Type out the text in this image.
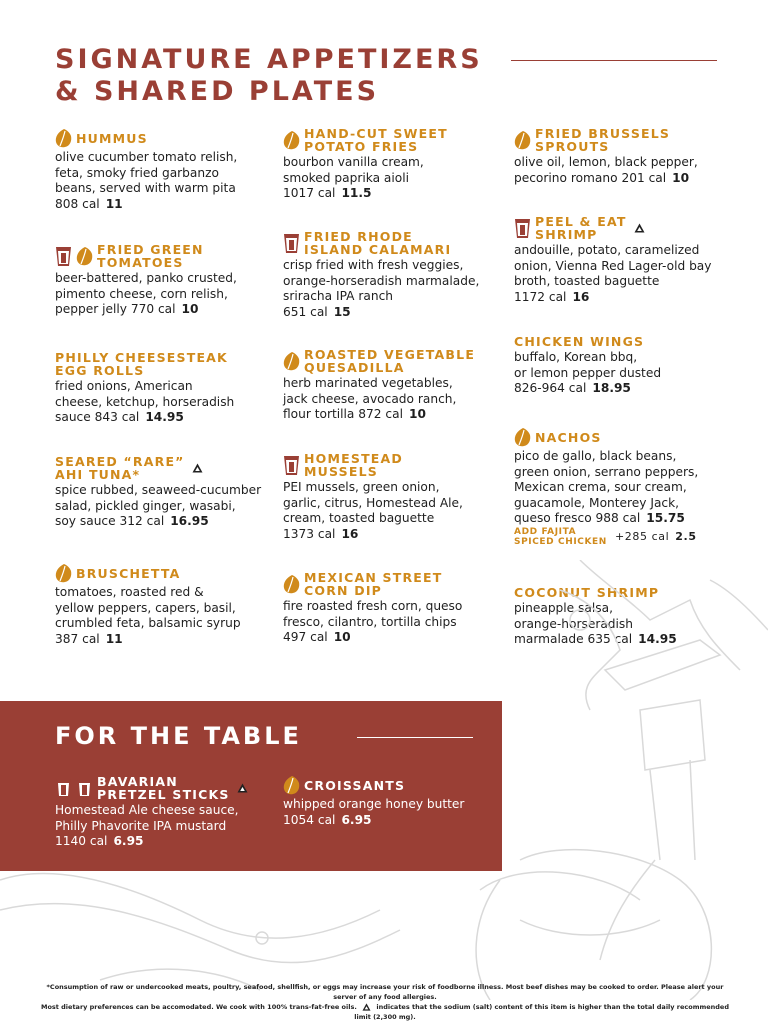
SIGNATURE APPETIZERS
& SHARED PLATES
HUMMUS
olive cucumber tomato relish,
feta, smoky fried garbanzo
beans, served with warm pita
808 cal 11
FRIED GREEN
TOMATOES
beer-battered, panko crusted,
pimento cheese, corn relish,
pepper jelly 770 cal 10
PHILLY CHEESESTEAK
EGG ROLLS
fried onions, American
cheese, ketchup, horseradish
sauce 843 cal 14.95
SEARED “RARE”
AHI TUNA*
spice rubbed, seaweed-cucumber
salad, pickled ginger, wasabi,
soy sauce 312 cal 16.95
BRUSCHETTA
tomatoes, roasted red &
yellow peppers, capers, basil,
crumbled feta, balsamic syrup
387 cal 11
HAND-CUT SWEET
POTATO FRIES
bourbon vanilla cream,
smoked paprika aioli
1017 cal 11.5
FRIED RHODE
ISLAND CALAMARI
crisp fried with fresh veggies,
orange-horseradish marmalade,
sriracha IPA ranch
651 cal 15
ROASTED VEGETABLE
QUESADILLA
herb marinated vegetables,
jack cheese, avocado ranch,
flour tortilla 872 cal 10
HOMESTEAD
MUSSELS
PEI mussels, green onion,
garlic, citrus, Homestead Ale,
cream, toasted baguette
1373 cal 16
MEXICAN STREET
CORN DIP
fire roasted fresh corn, queso
fresco, cilantro, tortilla chips
497 cal 10
FRIED BRUSSELS
SPROUTS
olive oil, lemon, black pepper,
pecorino romano 201 cal 10
PEEL & EAT
SHRIMP
andouille, potato, caramelized
onion, Vienna Red Lager-old bay
broth, toasted baguette
1172 cal 16
CHICKEN WINGS
buffalo, Korean bbq,
or lemon pepper dusted
826-964 cal 18.95
NACHOS
pico de gallo, black beans,
green onion, serrano peppers,
Mexican crema, sour cream,
guacamole, Monterey Jack,
queso fresco 988 cal 15.75
ADD FAJITA
SPICED CHICKEN +285 cal 2.5
COCONUT SHRIMP
pineapple salsa,
orange-horseradish
marmalade 635 cal 14.95
FOR THE TABLE
BAVARIAN
PRETZEL STICKS
Homestead Ale cheese sauce,
Philly Phavorite IPA mustard
1140 cal 6.95
CROISSANTS
whipped orange honey butter
1054 cal 6.95
*Consumption of raw or undercooked meats, poultry, seafood, shellfish, or eggs may increase your risk of foodborne illness. Most beef dishes may be cooked to order. Please alert your server of any food allergies.
Most dietary preferences can be accomodated. We cook with 100% trans-fat-free oils.	indicates that the sodium (salt) content of this item is higher than the total daily recommended limit (2,300 mg).
